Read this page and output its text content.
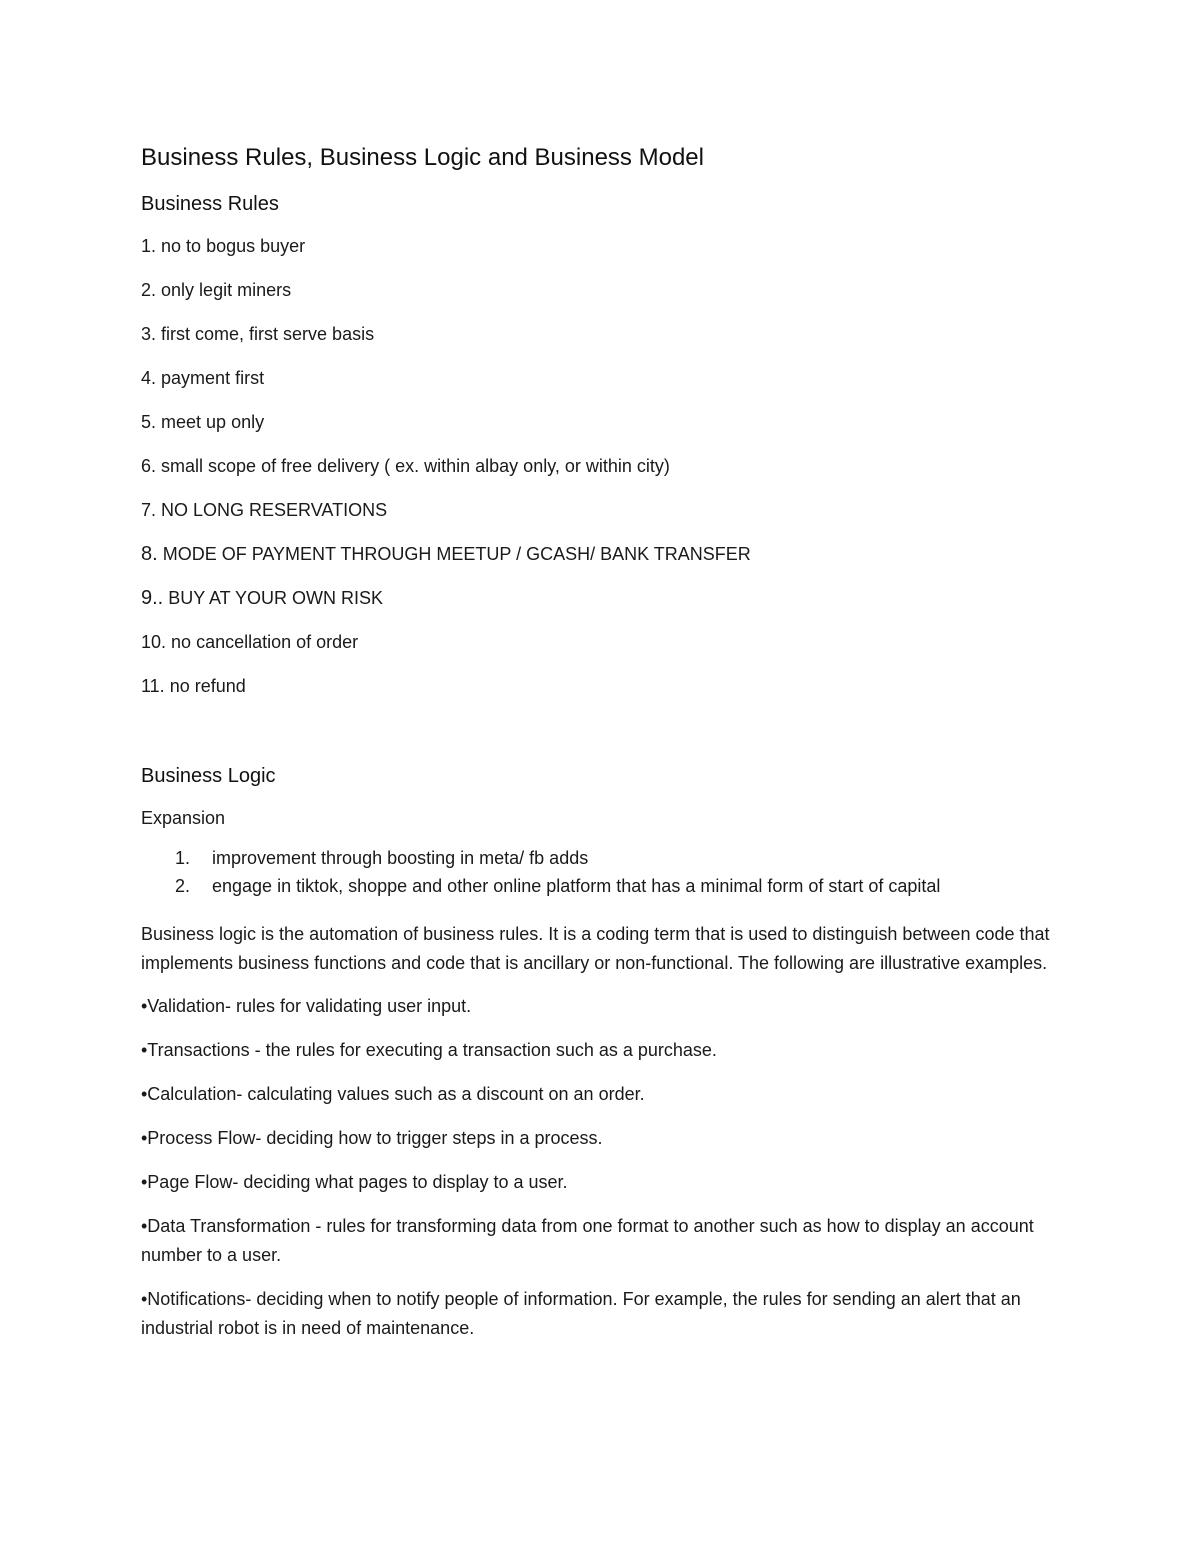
Business Rules, Business Logic and Business Model
Business Rules

1. no to bogus buyer

2. only legit miners

3. first come, first serve basis

4. payment first

5. meet up only

6. small scope of free delivery ( ex. within albay only, or within city)

7. NO LONG RESERVATIONS

8. MODE OF PAYMENT THROUGH MEETUP / GCASH/ BANK TRANSFER

9.. BUY AT YOUR OWN RISK

10. no cancellation of order

11. no refund

Business Logic

Expansion

1.	improvement through boosting in meta/ fb adds
2.	engage in tiktok, shoppe and other online platform that has a minimal form of start of capital

Business logic is the automation of business rules. It is a coding term that is used to distinguish between code that implements business functions and code that is ancillary or non-functional. The following are illustrative examples.

•Validation- rules for validating user input.

•Transactions - the rules for executing a transaction such as a purchase.

•Calculation- calculating values such as a discount on an order.

•Process Flow- deciding how to trigger steps in a process.

•Page Flow- deciding what pages to display to a user.

•Data Transformation - rules for transforming data from one format to another such as how to display an account number to a user.

•Notifications- deciding when to notify people of information. For example, the rules for sending an alert that an industrial robot is in need of maintenance.
